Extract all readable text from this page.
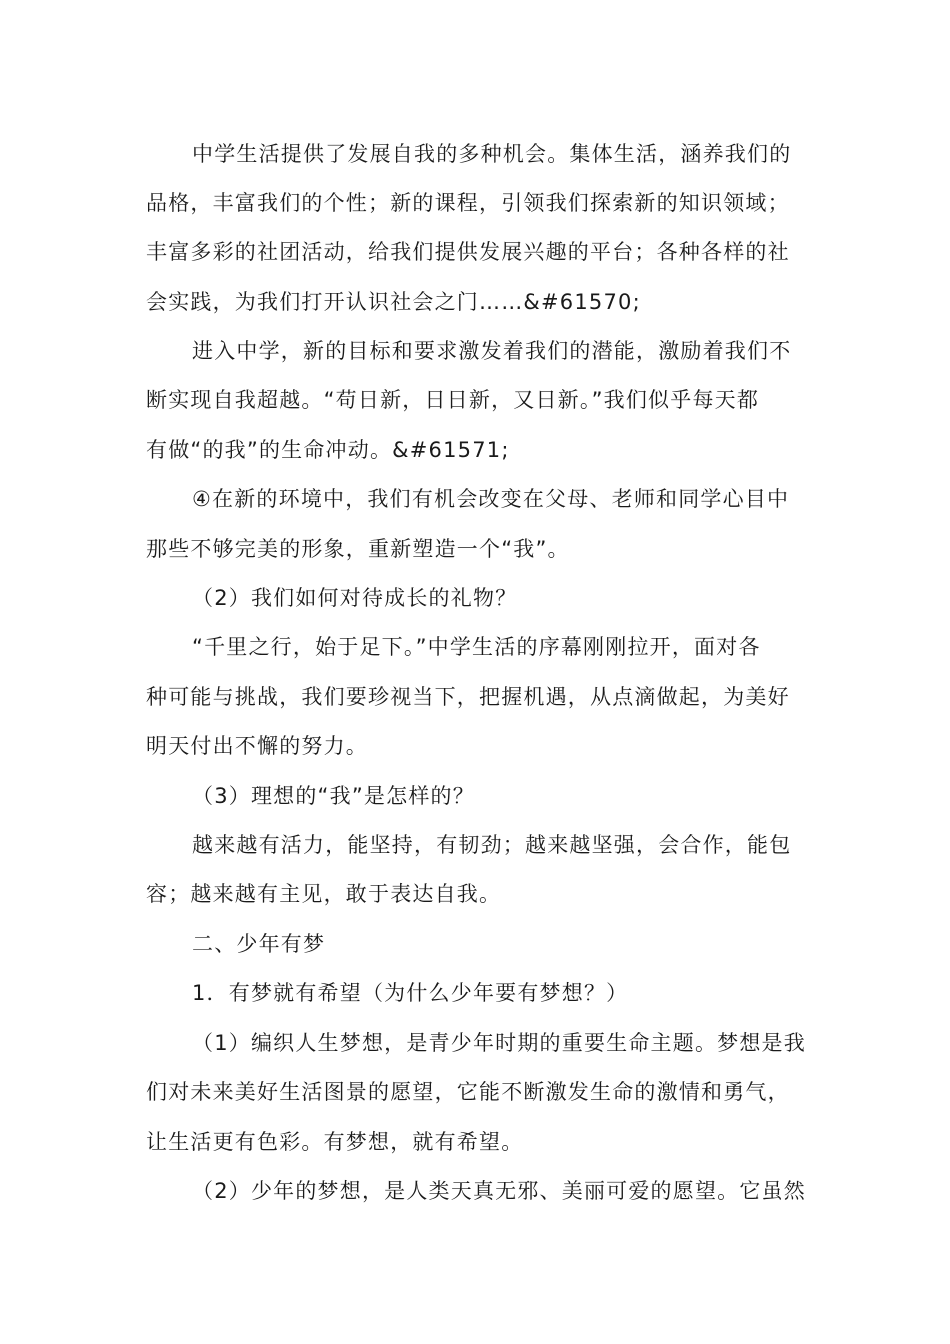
中学生活提供了发展自我的多种机会。集体生活，涵养我们的
品格，丰富我们的个性；新的课程，引领我们探索新的知识领域；
丰富多彩的社团活动，给我们提供发展兴趣的平台；各种各样的社
会实践，为我们打开认识社会之门……&#61570;
进入中学，新的目标和要求激发着我们的潜能，激励着我们不
断实现自我超越。“苟日新，日日新，又日新。”我们似乎每天都
有做“的我”的生命冲动。&#61571;
④在新的环境中，我们有机会改变在父母、老师和同学心目中
那些不够完美的形象，重新塑造一个“我”。
（2）我们如何对待成长的礼物？
“千里之行，始于足下。”中学生活的序幕刚刚拉开，面对各
种可能与挑战，我们要珍视当下，把握机遇，从点滴做起，为美好
明天付出不懈的努力。
（3）理想的“我”是怎样的？
越来越有活力，能坚持，有韧劲；越来越坚强，会合作，能包
容；越来越有主见，敢于表达自我。
二、少年有梦
1．有梦就有希望（为什么少年要有梦想？）
（1）编织人生梦想，是青少年时期的重要生命主题。梦想是我
们对未来美好生活图景的愿望，它能不断激发生命的激情和勇气，
让生活更有色彩。有梦想，就有希望。
（2）少年的梦想，是人类天真无邪、美丽可爱的愿望。它虽然
